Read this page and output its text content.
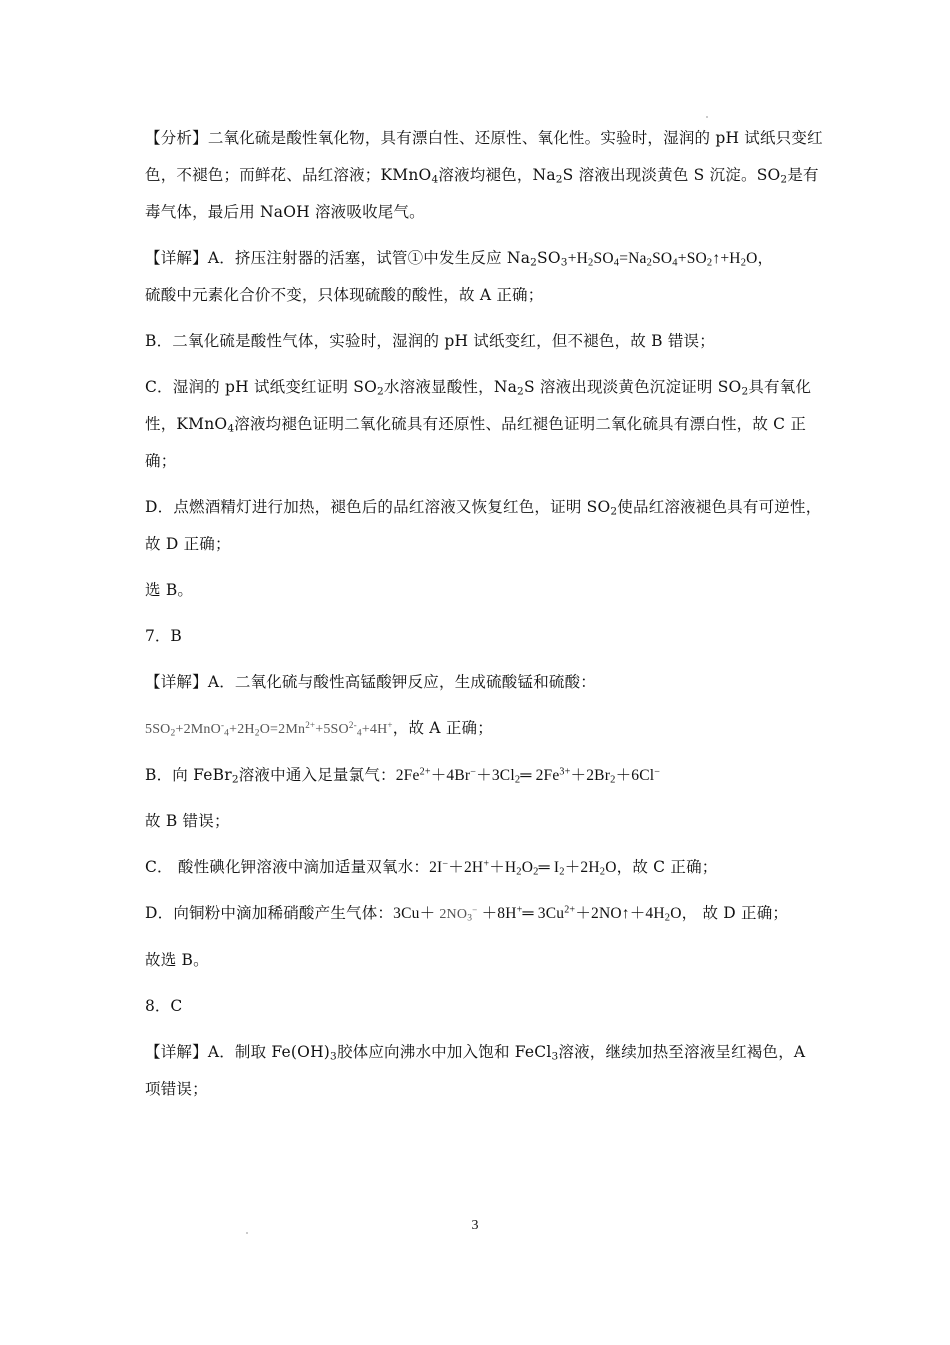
【分析】二氧化硫是酸性氧化物，具有漂白性、还原性、氧化性。实验时，湿润的 pH 试纸只变红色，不褪色；而鲜花、品红溶液；KMnO$_4$溶液均褪色，$Na_2S$ 溶液出现淡黄色 S 沉淀。$SO_2$是有毒气体，最后用 NaOH 溶液吸收尾气。
【详解】A．挤压注射器的活塞，试管①中发生反应 $Na_2SO_3+H_2SO_4=Na_2SO_4+SO_2↑+H_2O$，
硫酸中元素化合价不变，只体现硫酸的酸性，故 A 正确；
B．二氧化硫是酸性气体，实验时，湿润的 pH 试纸变红，但不褪色，故 B 错误；
C．湿润的 pH 试纸变红证明 $SO_2$水溶液显酸性，$Na_2S$ 溶液出现淡黄色沉淀证明 $SO_2$具有氧化性，KMnO$_4$溶液均褪色证明二氧化硫具有还原性、品红褪色证明二氧化硫具有漂白性，故 C 正确；
D．点燃酒精灯进行加热，褪色后的品红溶液又恢复红色，证明 $SO_2$使品红溶液褪色具有可逆性，故 D 正确；
选 B。
7．B
【详解】A．二氧化硫与酸性高锰酸钾反应，生成硫酸锰和硫酸：
$5SO_2+2MnO^-_4+2H_2O=2Mn^{2+}+5SO^{2-}_4+4H^+$，故 A 正确；
B．向 FeBr$_2$溶液中通入足量氯气：$2Fe^{2+}+4Br^-+3Cl_2═$ $2Fe^{3+}+2Br_2+6Cl^-$
故 B 错误；
C． 酸性碘化钾溶液中滴加适量双氧水：$2I^-+2H^++H_2O_2═$ $I_2+2H_2O$，故 C 正确；
D．向铜粉中滴加稀硝酸产生气体：$3Cu+ 2NO_3^-$ ＋8H+═ $3Cu^{2+}+2NO↑+4H_2O$， 故 D 正确；
故选 B。
8．C
【详解】A．制取 $Fe(OH)_3$胶体应向沸水中加入饱和 FeCl$_3$溶液，继续加热至溶液呈红褐色，A 项错误；
3
